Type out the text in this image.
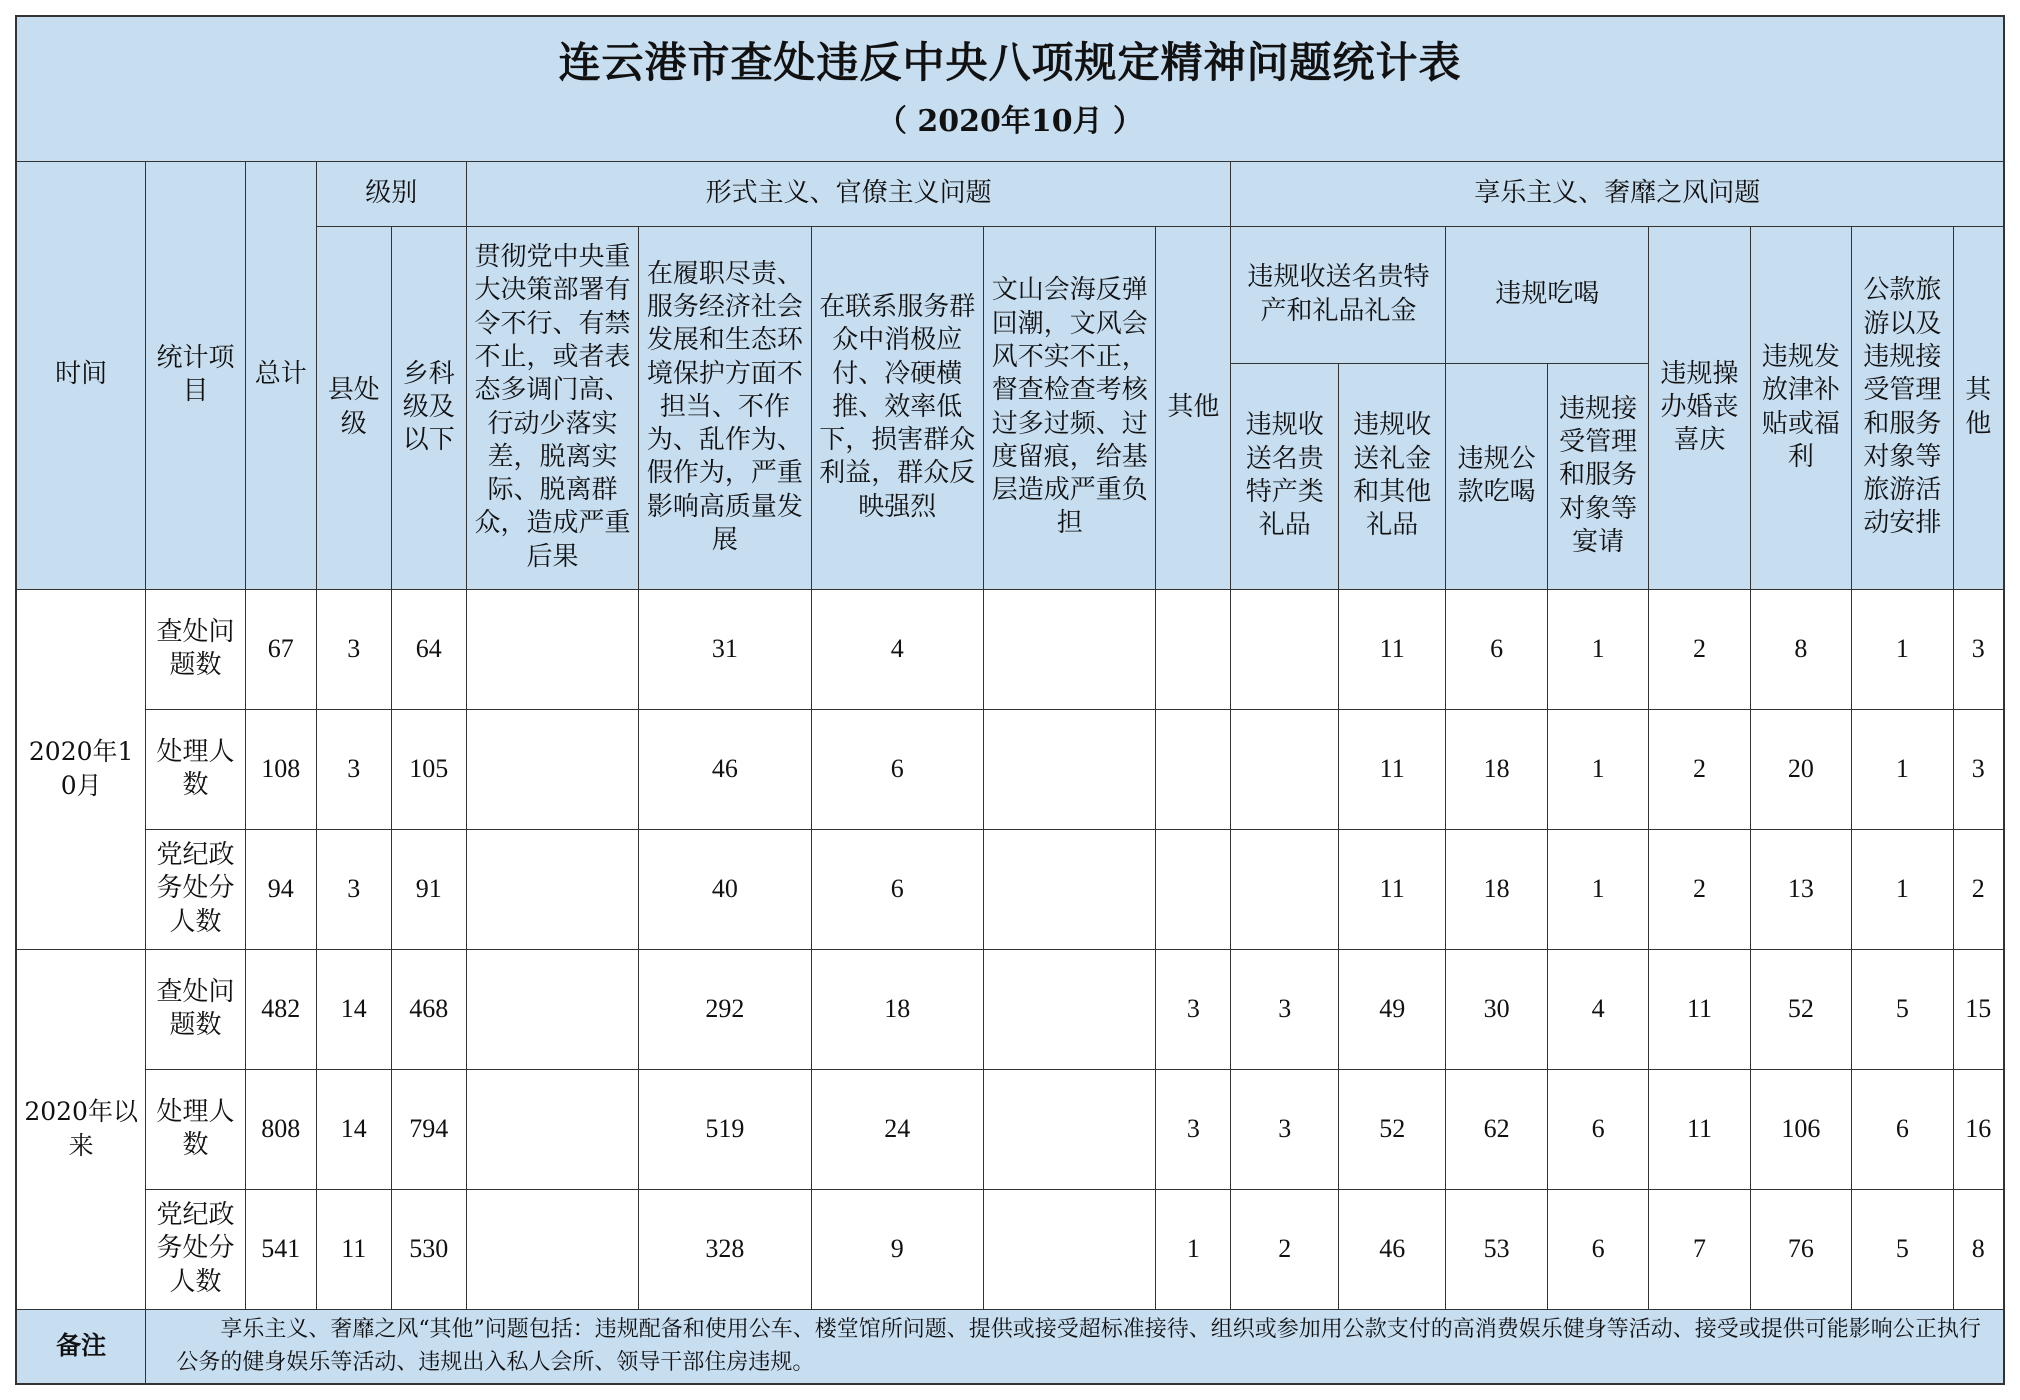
连云港市查处违反中央八项规定精神问题统计表
（ 2020年10月 ）																	

时间	统计项目	总计	级别		形式主义、官僚主义问题					享乐主义、奢靡之风问题							
			县处级	乡科级及以下	贯彻党中央重大决策部署有令不行、有禁不止，或者表态多调门高、行动少落实差，脱离实际、脱离群众，造成严重后果	在履职尽责、服务经济社会发展和生态环境保护方面不担当、不作为、乱作为、假作为，严重影响高质量发展	在联系服务群众中消极应付、冷硬横推、效率低下，损害群众利益，群众反映强烈	文山会海反弹回潮，文风会风不实不正，督查检查考核过多过频、过度留痕，给基层造成严重负担	其他	违规收送名贵特产和礼品礼金		违规吃喝		违规操办婚丧喜庆	违规发放津补贴或福利	公款旅游以及违规接受管理和服务对象等旅游活动安排	其他
										违规收送名贵特产类礼品	违规收送礼金和其他礼品	违规公款吃喝	违规接受管理和服务对象等宴请				
2020年10月	查处问题数	67	3	64		31	4				11	6	1	2	8	1	3
	处理人数	108	3	105		46	6				11	18	1	2	20	1	3
	党纪政务处分人数	94	3	91		40	6				11	18	1	2	13	1	2
2020年以来	查处问题数	482	14	468		292	18		3	3	49	30	4	11	52	5	15
	处理人数	808	14	794		519	24		3	3	52	62	6	11	106	6	16
	党纪政务处分人数	541	11	530		328	9		1	2	46	53	6	7	76	5	8
备注	享乐主义、奢靡之风“其他”问题包括：违规配备和使用公车、楼堂馆所问题、提供或接受超标准接待、组织或参加用公款支付的高消费娱乐健身等活动、接受或提供可能影响公正执行公务的健身娱乐等活动、违规出入私人会所、领导干部住房违规。																
